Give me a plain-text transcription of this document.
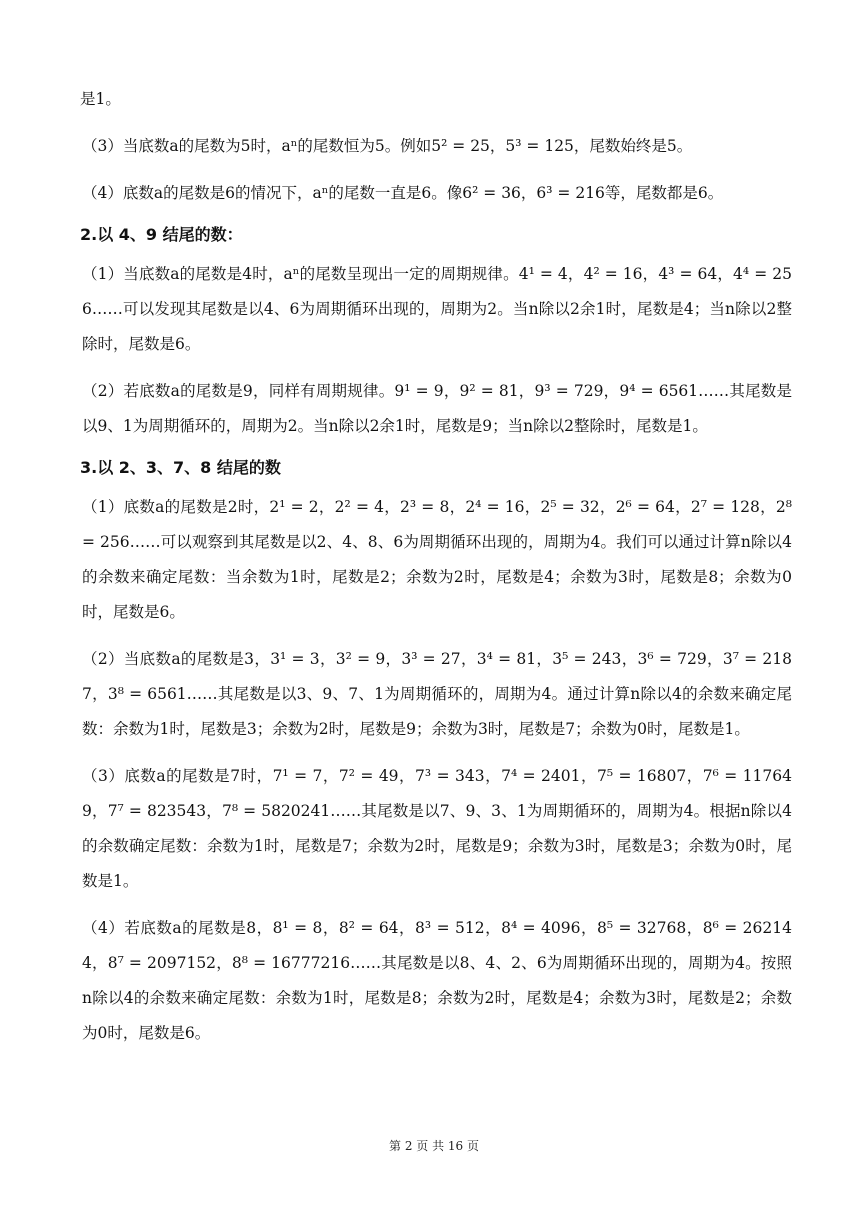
是1。

（3）当底数a的尾数为5时，aⁿ的尾数恒为5。例如5² = 25，5³ = 125，尾数始终是5。

（4）底数a的尾数是6的情况下，aⁿ的尾数一直是6。像6² = 36，6³ = 216等，尾数都是6。

2.以 4、9 结尾的数：

（1）当底数a的尾数是4时，aⁿ的尾数呈现出一定的周期规律。4¹ = 4，4² = 16，4³ = 64，4⁴ = 256……可以发现其尾数是以4、6为周期循环出现的，周期为2。当n除以2余1时，尾数是4；当n除以2整除时，尾数是6。

（2）若底数a的尾数是9，同样有周期规律。9¹ = 9，9² = 81，9³ = 729，9⁴ = 6561……其尾数是以9、1为周期循环的，周期为2。当n除以2余1时，尾数是9；当n除以2整除时，尾数是1。

3.以 2、3、7、8 结尾的数

（1）底数a的尾数是2时，2¹ = 2，2² = 4，2³ = 8，2⁴ = 16，2⁵ = 32，2⁶ = 64，2⁷ = 128，2⁸ = 256……可以观察到其尾数是以2、4、8、6为周期循环出现的，周期为4。我们可以通过计算n除以4的余数来确定尾数：当余数为1时，尾数是2；余数为2时，尾数是4；余数为3时，尾数是8；余数为0时，尾数是6。

（2）当底数a的尾数是3，3¹ = 3，3² = 9，3³ = 27，3⁴ = 81，3⁵ = 243，3⁶ = 729，3⁷ = 2187，3⁸ = 6561……其尾数是以3、9、7、1为周期循环的，周期为4。通过计算n除以4的余数来确定尾数：余数为1时，尾数是3；余数为2时，尾数是9；余数为3时，尾数是7；余数为0时，尾数是1。

（3）底数a的尾数是7时，7¹ = 7，7² = 49，7³ = 343，7⁴ = 2401，7⁵ = 16807，7⁶ = 117649，7⁷ = 823543，7⁸ = 5820241……其尾数是以7、9、3、1为周期循环的，周期为4。根据n除以4的余数确定尾数：余数为1时，尾数是7；余数为2时，尾数是9；余数为3时，尾数是3；余数为0时，尾数是1。

（4）若底数a的尾数是8，8¹ = 8，8² = 64，8³ = 512，8⁴ = 4096，8⁵ = 32768，8⁶ = 262144，8⁷ = 2097152，8⁸ = 16777216……其尾数是以8、4、2、6为周期循环出现的，周期为4。按照n除以4的余数来确定尾数：余数为1时，尾数是8；余数为2时，尾数是4；余数为3时，尾数是2；余数为0时，尾数是6。

第 2 页 共 16 页
